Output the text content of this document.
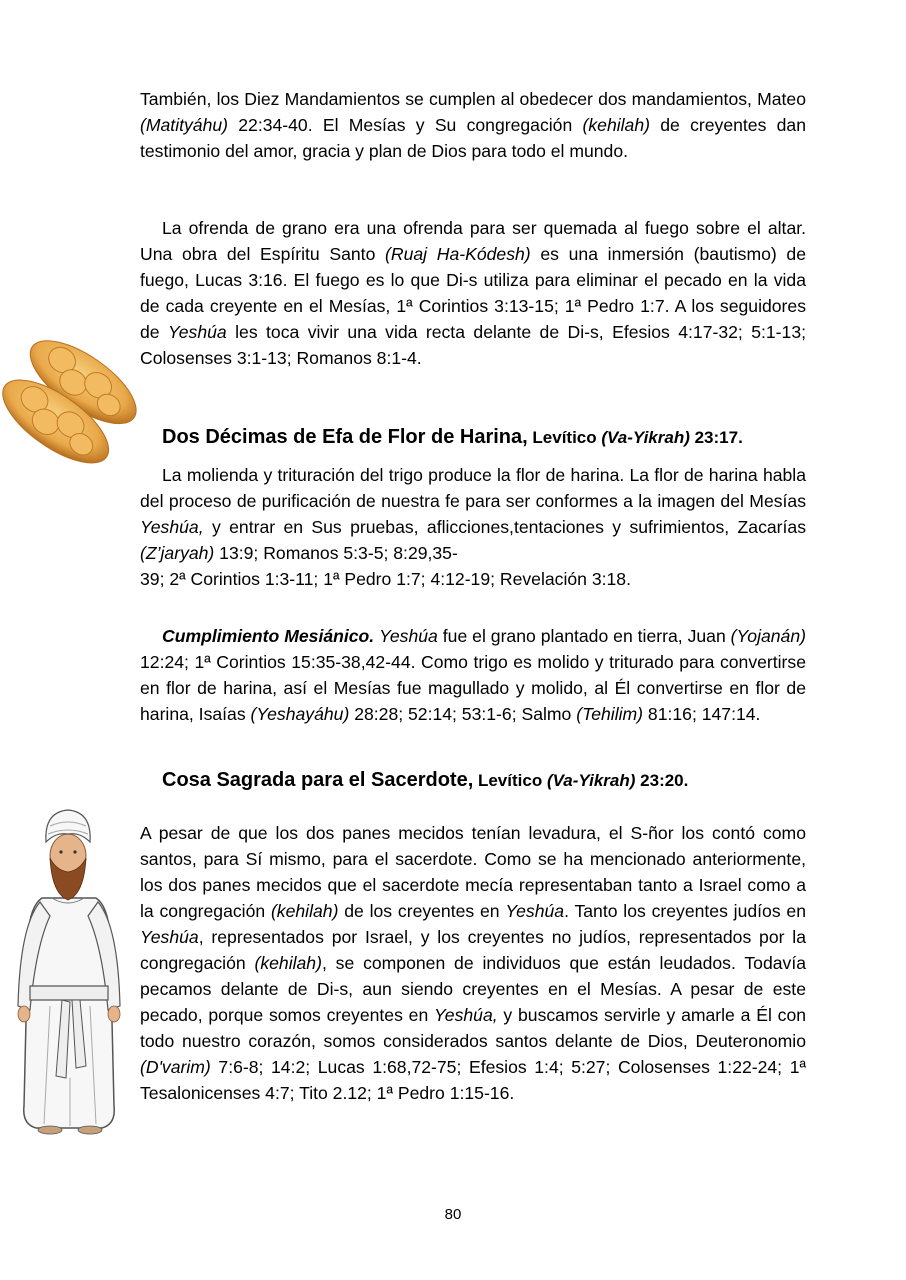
También, los Diez Mandamientos se cumplen al obedecer dos mandamientos, Mateo (Matityáhu) 22:34-40. El Mesías y Su congregación (kehilah) de creyentes dan testimonio del amor, gracia y plan de Dios para todo el mundo.

La ofrenda de grano era una ofrenda para ser quemada al fuego sobre el altar. Una obra del Espíritu Santo (Ruaj Ha-Kódesh) es una inmersión (bautismo) de fuego, Lucas 3:16. El fuego es lo que Di-s utiliza para eliminar el pecado en la vida de cada creyente en el Mesías, 1ª Corintios 3:13-15; 1ª Pedro 1:7. A los seguidores de Yeshúa les toca vivir una vida recta delante de Di-s, Efesios 4:17-32; 5:1-13; Colosenses 3:1-13; Romanos 8:1-4.

Dos Décimas de Efa de Flor de Harina, Levítico (Va-Yikrah) 23:17.

La molienda y trituración del trigo produce la flor de harina. La flor de harina habla del proceso de purificación de nuestra fe para ser conformes a la imagen del Mesías Yeshúa, y entrar en Sus pruebas, aflicciones,tentaciones y sufrimientos, Zacarías (Z’jaryah) 13:9; Romanos 5:3-5; 8:29,35-
39; 2ª Corintios 1:3-11; 1ª Pedro 1:7; 4:12-19; Revelación 3:18.

Cumplimiento Mesiánico. Yeshúa fue el grano plantado en tierra, Juan (Yojanán) 12:24; 1ª Corintios 15:35-38,42-44. Como trigo es molido y triturado para convertirse en flor de harina, así el Mesías fue magullado y molido, al Él convertirse en flor de harina, Isaías (Yeshayáhu) 28:28; 52:14; 53:1-6; Salmo (Tehilim) 81:16; 147:14.

Cosa Sagrada para el Sacerdote, Levítico (Va-Yikrah) 23:20.

A pesar de que los dos panes mecidos tenían levadura, el S-ñor los contó como santos, para Sí mismo, para el sacerdote. Como se ha mencionado anteriormente, los dos panes mecidos que el sacerdote mecía representaban tanto a Israel como a la congregación (kehilah) de los creyentes en Yeshúa. Tanto los creyentes judíos en Yeshúa, representados por Israel, y los creyentes no judíos, representados por la congregación (kehilah), se componen de individuos que están leudados. Todavía pecamos delante de Di-s, aun siendo creyentes en el Mesías. A pesar de este pecado, porque somos creyentes en Yeshúa, y buscamos servirle y amarle a Él con todo nuestro corazón, somos considerados santos delante de Dios, Deuteronomio (D'varim) 7:6-8; 14:2; Lucas 1:68,72-75; Efesios 1:4; 5:27; Colosenses 1:22-24; 1ª Tesalonicenses 4:7; Tito 2.12; 1ª Pedro 1:15-16.

80
